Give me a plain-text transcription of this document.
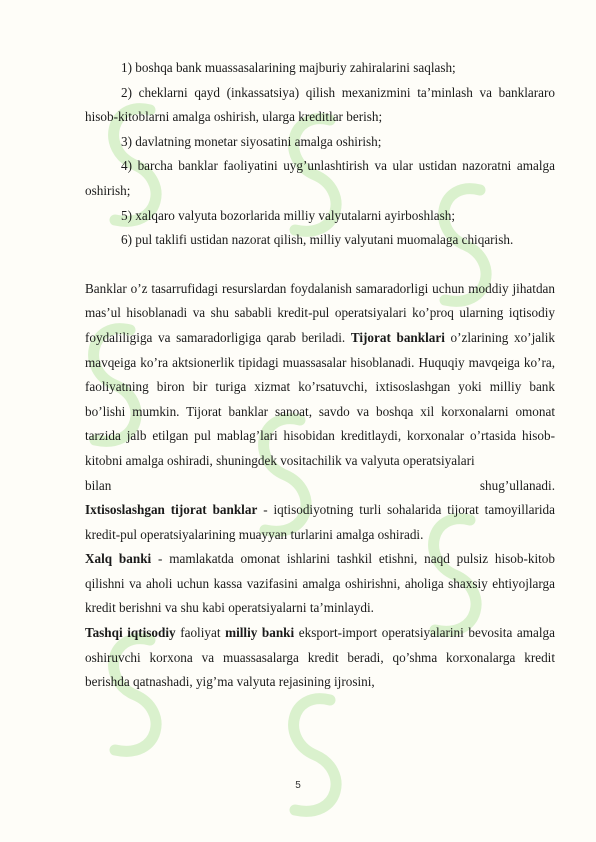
1) boshqa bank muassasalarining majburiy zahiralarini saqlash;

2) cheklarni qayd (inkassatsiya) qilish mexanizmini ta’minlash va banklararo hisob-kitoblarni amalga oshirish, ularga kreditlar berish;

3) davlatning monetar siyosatini amalga oshirish;

4) barcha banklar faoliyatini uyg’unlashtirish va ular ustidan nazoratni amalga oshirish;

5) xalqaro valyuta bozorlarida milliy valyutalarni ayirboshlash;

6) pul taklifi ustidan nazorat qilish, milliy valyutani muomalaga chiqarish.

Banklar o’z tasarrufidagi resurslardan foydalanish samaradorligi uchun moddiy jihatdan mas’ul hisoblanadi va shu sababli kredit-pul operatsiyalari ko’proq ularning iqtisodiy foydaliligiga va samaradorligiga qarab beriladi. Tijorat banklari o’zlarining xo’jalik mavqeiga ko’ra aktsionerlik tipidagi muassasalar hisoblanadi. Huquqiy mavqeiga ko’ra, faoliyatning biron bir turiga xizmat ko’rsatuvchi, ixtisoslashgan yoki milliy bank bo’lishi mumkin. Tijorat banklar sanoat, savdo va boshqa xil korxonalarni omonat tarzida jalb etilgan pul mablag’lari hisobidan kreditlaydi, korxonalar o’rtasida hisob-kitobni amalga oshiradi, shuningdek vositachilik va valyuta operatsiyalari

bilan	shug’ullanadi.

Ixtisoslashgan tijorat banklar - iqtisodiyotning turli sohalarida tijorat tamoyillarida kredit-pul operatsiyalarining muayyan turlarini amalga oshiradi.

Xalq banki - mamlakatda omonat ishlarini tashkil etishni, naqd pulsiz hisob-kitob qilishni va aholi uchun kassa vazifasini amalga oshirishni, aholiga shaxsiy ehtiyojlarga kredit berishni va shu kabi operatsiyalarni ta’minlaydi.

Tashqi iqtisodiy faoliyat milliy banki eksport-import operatsiyalarini bevosita amalga oshiruvchi korxona va muassasalarga kredit beradi, qo’shma korxonalarga kredit berishda qatnashadi, yig’ma valyuta rejasining ijrosini,

5
